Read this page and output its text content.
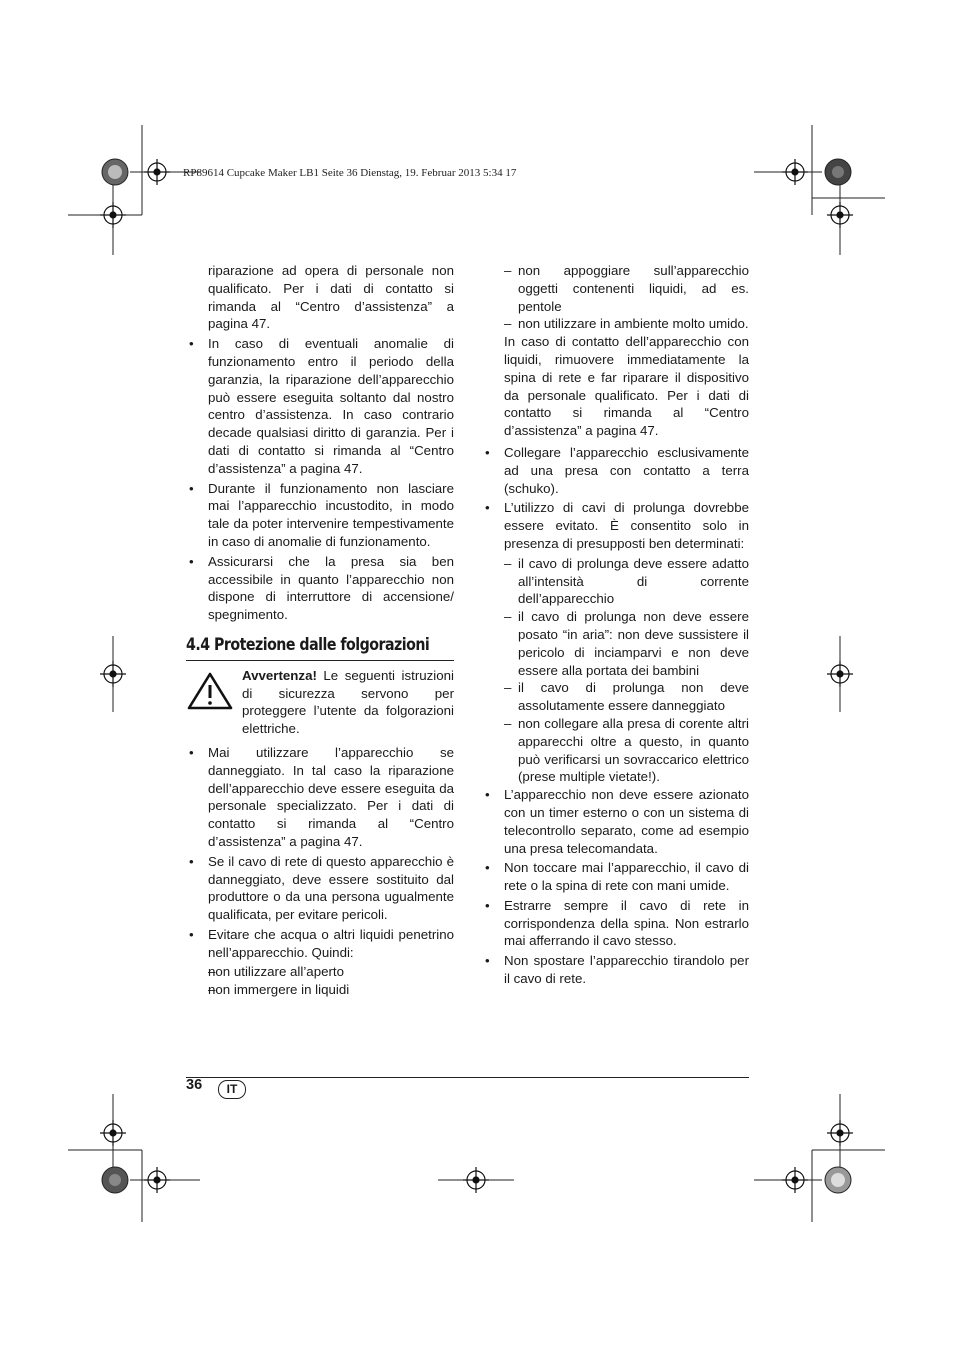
RP89614 Cupcake Maker LB1 Seite 36 Dienstag, 19. Februar 2013 5:34 17

riparazione ad opera di personale non qualificato. Per i dati di contatto si rimanda al “Centro d’assistenza” a pagina 47.

• In caso di eventuali anomalie di funzionamento entro il periodo della garanzia, la riparazione dell’apparecchio può essere eseguita soltanto dal nostro centro d’assistenza. In caso contrario decade qualsiasi diritto di garanzia. Per i dati di contatto si rimanda al “Centro d’assistenza” a pagina 47.
• Durante il funzionamento non lasciare mai l’apparecchio incustodito, in modo tale da poter intervenire tempestivamente in caso di anomalie di funzionamento.
• Assicurarsi che la presa sia ben accessibile in quanto l’apparecchio non dispone di interruttore di accensione/ spegnimento.
4.4 Protezione dalle folgorazioni
Avvertenza! Le seguenti istruzioni di sicurezza servono per proteggere l’utente da folgorazioni elettriche.
• Mai utilizzare l’apparecchio se danneggiato. In tal caso la riparazione dell’apparecchio deve essere eseguita da personale specializzato. Per i dati di contatto si rimanda al “Centro d’assistenza” a pagina 47.
• Se il cavo di rete di questo apparecchio è danneggiato, deve essere sostituito dal produttore o da una persona ugualmente qualificata, per evitare pericoli.
• Evitare che acqua o altri liquidi penetrino nell’apparecchio. Quindi:
– non utilizzare all’aperto
– non immergere in liquidi
– non appoggiare sull’apparecchio oggetti contenenti liquidi, ad es. pentole
– non utilizzare in ambiente molto umido.

In caso di contatto dell’apparecchio con liquidi, rimuovere immediatamente la spina di rete e far riparare il dispositivo da personale qualificato. Per i dati di contatto si rimanda al “Centro d’assistenza” a pagina 47.

• Collegare l’apparecchio esclusivamente ad una presa con contatto a terra (schuko).
• L’utilizzo di cavi di prolunga dovrebbe essere evitato. È consentito solo in presenza di presupposti ben determinati:
– il cavo di prolunga deve essere adatto all’intensità di corrente dell’apparecchio
– il cavo di prolunga non deve essere posato “in aria”: non deve sussistere il pericolo di inciamparvi e non deve essere alla portata dei bambini
– il cavo di prolunga non deve assolutamente essere danneggiato
– non collegare alla presa di corente altri apparecchi oltre a questo, in quanto può verificarsi un sovraccarico elettrico (prese multiple vietate!).
• L’apparecchio non deve essere azionato con un timer esterno o con un sistema di telecontrollo separato, come ad esempio una presa telecomandata.
• Non toccare mai l’apparecchio, il cavo di rete o la spina di rete con mani umide.
• Estrarre sempre il cavo di rete in corrispondenza della spina. Non estrarlo mai afferrando il cavo stesso.
• Non spostare l’apparecchio tirandolo per il cavo di rete.
36	IT
